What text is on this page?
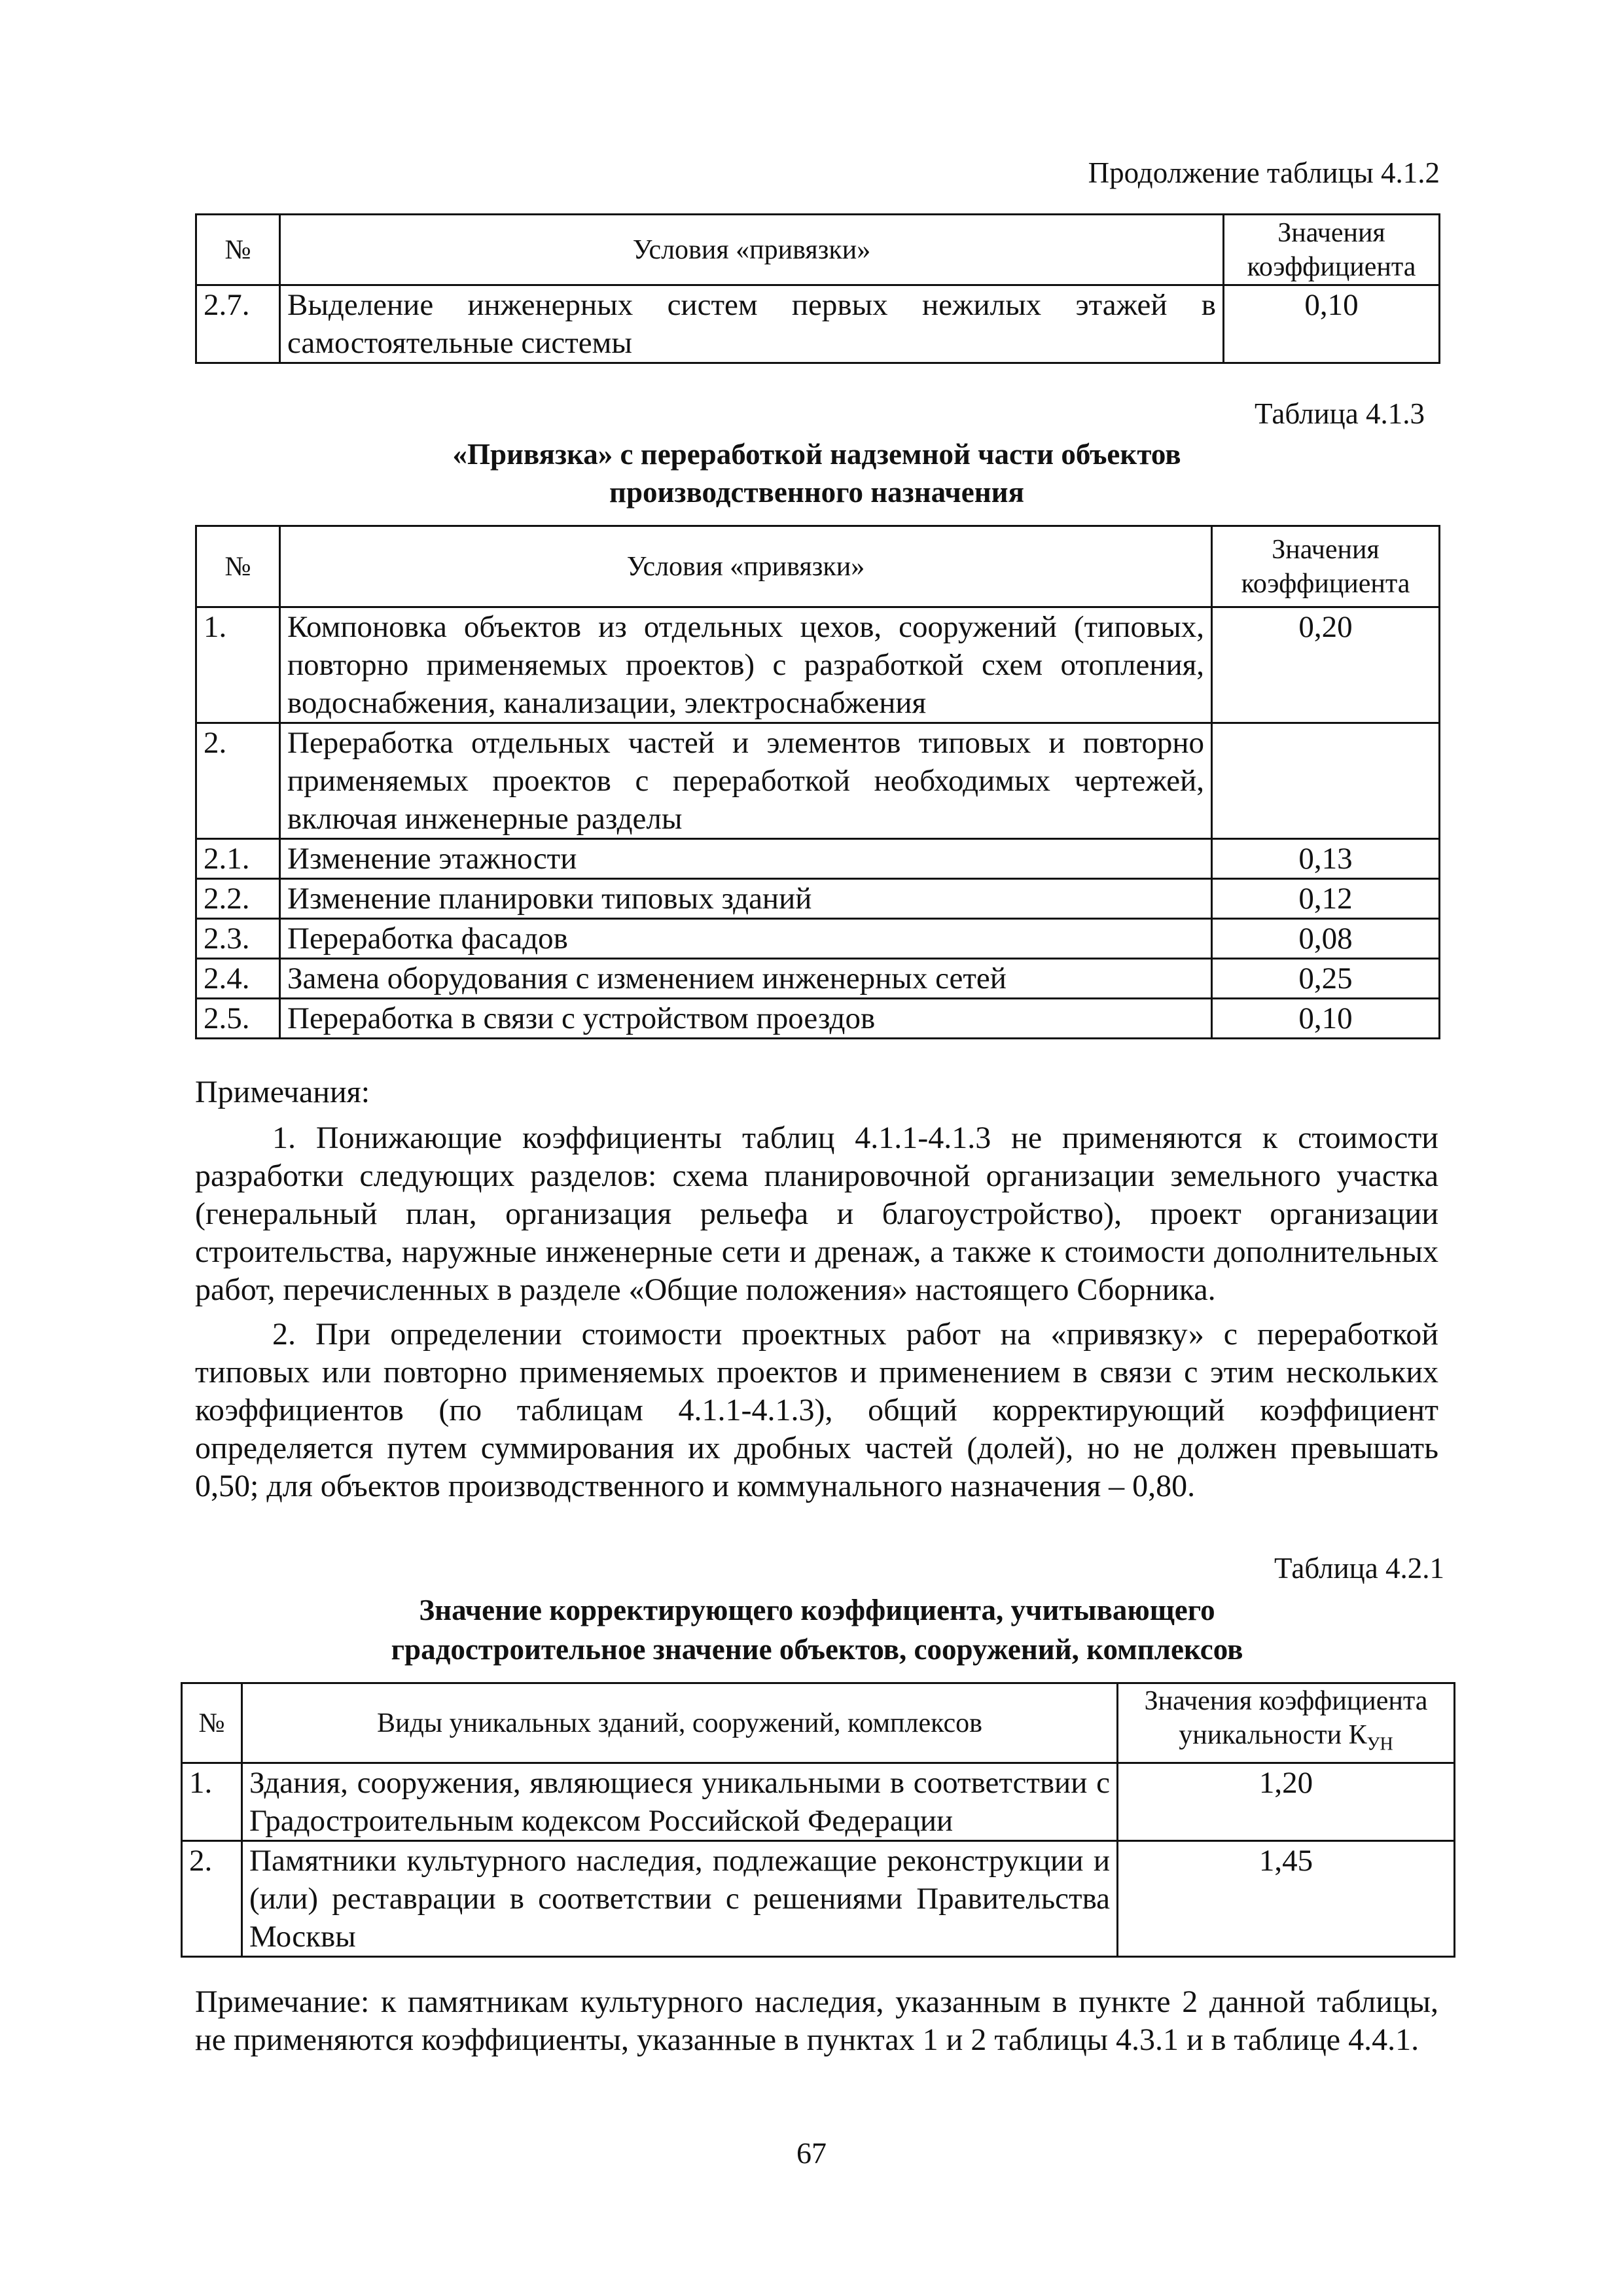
Продолжение таблицы 4.1.2
№	Условия «привязки»	Значения коэффициента
2.7.	Выделение инженерных систем первых нежилых этажей в самостоятельные системы	0,10
Таблица 4.1.3
«Привязка» с переработкой надземной части объектов
производственного назначения
№	Условия «привязки»	Значения коэффициента
1.	Компоновка объектов из отдельных цехов, сооружений (типовых, повторно применяемых проектов) с разработкой схем отопления, водоснабжения, канализации, электроснабжения	0,20
2.	Переработка отдельных частей и элементов типовых и повторно применяемых проектов с переработкой необходимых чертежей, включая инженерные разделы	
2.1.	Изменение этажности	0,13
2.2.	Изменение планировки типовых зданий	0,12
2.3.	Переработка фасадов	0,08
2.4.	Замена оборудования с изменением инженерных сетей	0,25
2.5.	Переработка в связи с устройством проездов	0,10
Примечания:
1. Понижающие коэффициенты таблиц 4.1.1-4.1.3 не применяются к стоимости разработки следующих разделов: схема планировочной организации земельного участка (генеральный план, организация рельефа и благоустройство), проект организации строительства, наружные инженерные сети и дренаж, а также к стоимости дополнительных работ, перечисленных в разделе «Общие положения» настоящего Сборника.
2. При определении стоимости проектных работ на «привязку» с переработкой типовых или повторно применяемых проектов и применением в связи с этим нескольких коэффициентов (по таблицам 4.1.1-4.1.3), общий корректирующий коэффициент определяется путем суммирования их дробных частей (долей), но не должен превышать 0,50; для объектов производственного и коммунального назначения – 0,80.
Таблица 4.2.1
Значение корректирующего коэффициента, учитывающего
градостроительное значение объектов, сооружений, комплексов
№	Виды уникальных зданий, сооружений, комплексов	Значения коэффициента
уникальности $К_{УН}$

1.	Здания, сооружения, являющиеся уникальными в соответствии с Градостроительным кодексом Российской Федерации	1,20
2.	Памятники культурного наследия, подлежащие реконструкции и (или) реставрации в соответствии с решениями Правительства Москвы	1,45
Примечание: к памятникам культурного наследия, указанным в пункте 2 данной таблицы, не применяются коэффициенты, указанные в пунктах 1 и 2 таблицы 4.3.1 и в таблице 4.4.1.
67
